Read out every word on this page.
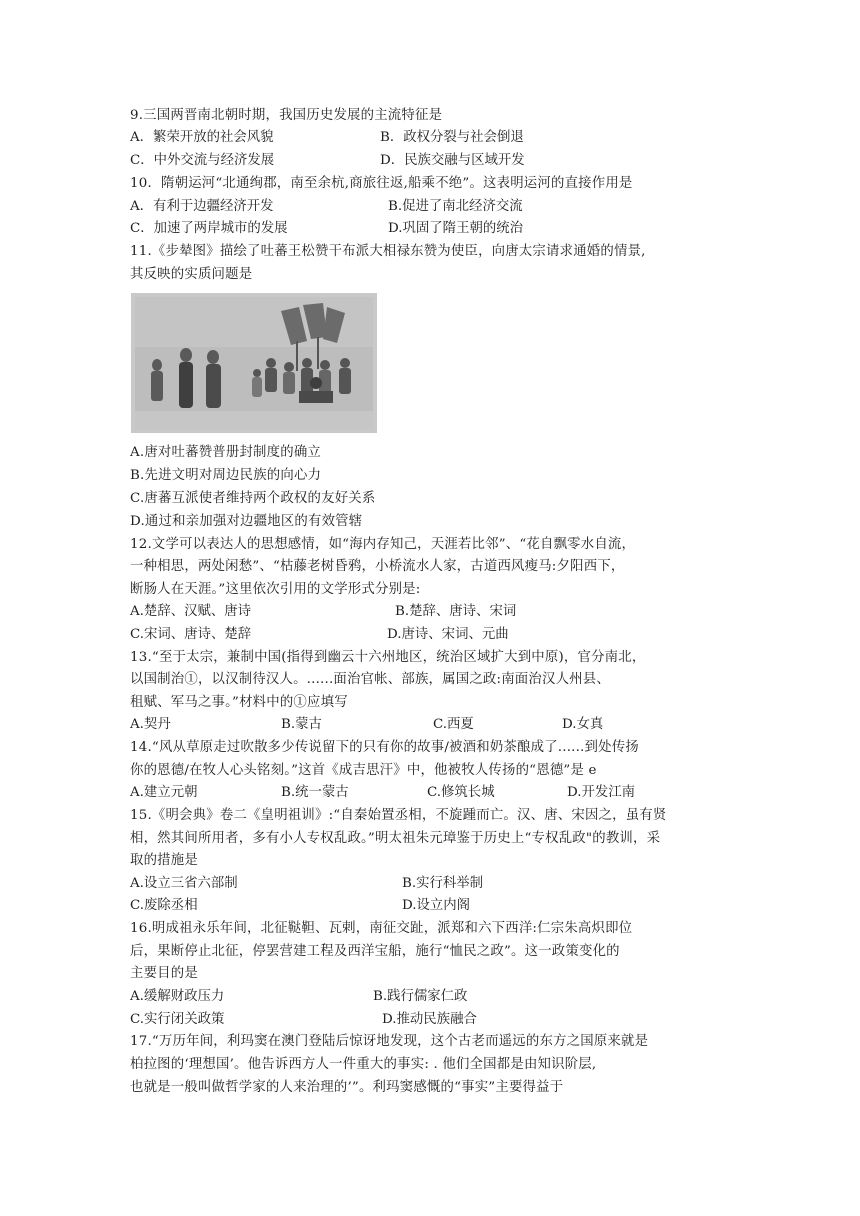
9.三国两晋南北朝时期，我国历史发展的主流特征是
A．繁荣开放的社会风貌	B．政权分裂与社会倒退
C．中外交流与经济发展	D．民族交融与区域开发
10．隋朝运河“北通绚郡，南至余杭,商旅往返,船乘不绝”。这表明运河的直接作用是
A．有利于边疆经济开发	B.促进了南北经济交流
C．加速了两岸城市的发展	D.巩固了隋王朝的统治
11.《步辇图》描绘了吐蕃王松赞干布派大相禄东赞为使臣，向唐太宗请求通婚的情景,
其反映的实质问题是
A.唐对吐蕃赞普册封制度的确立
B.先进文明对周边民族的向心力
C.唐蕃互派使者维持两个政权的友好关系
D.通过和亲加强对边疆地区的有效管辖
12.文学可以表达人的思想感情，如“海内存知己，天涯若比邻”、“花自飘零水自流，
一种相思，两处闲愁”、“枯藤老树昏鸦，小桥流水人家，古道西风瘦马:夕阳西下，
断肠人在天涯。”这里依次引用的文学形式分别是:
A.楚辞、汉赋、唐诗	B.楚辞、唐诗、宋词
C.宋词、唐诗、楚辞	D.唐诗、宋词、元曲
13.“至于太宗，兼制中国(指得到幽云十六州地区，统治区域扩大到中原)，官分南北，
以国制治①，以汉制待汉人。......面治官帐、部族，属国之政:南面治汉人州县、
租赋、军马之事。”材料中的①应填写
A.契丹	B.蒙古	C.西夏	D.女真
14.“风从草原走过吹散多少传说留下的只有你的故事/被酒和奶茶酿成了......到处传扬
你的恩德/在牧人心头铭刻。”这首《成吉思汗》中，他被牧人传扬的“恩德”是 e
A.建立元朝	B.统一蒙古	C.修筑长城	D.开发江南
15.《明会典》卷二《皇明祖训》:“自秦始置丞相，不旋踵而亡。汉、唐、宋因之，虽有贤
相，然其间所用者，多有小人专权乱政。”明太祖朱元璋鉴于历史上“专权乱政"的教训，采
取的措施是
A.设立三省六部制	B.实行科举制
C.废除丞相	D.设立内阁
16.明成祖永乐年间，北征鞑靼、瓦剌，南征交趾，派郑和六下西洋:仁宗朱高炽即位
后，果断停止北征，停罢营建工程及西洋宝船，施行“恤民之政”。这一政策变化的
主要目的是
A.缓解财政压力	B.践行儒家仁政
C.实行闭关政策	D.推动民族融合
17.“万历年间，利玛窦在澳门登陆后惊讶地发现，这个古老而遥远的东方之国原来就是
柏拉图的‘理想国’。他告诉西方人一件重大的事实: . 他们全国都是由知识阶层,
也就是一般叫做哲学家的人来治理的’”。利玛窦感慨的“事实”主要得益于
